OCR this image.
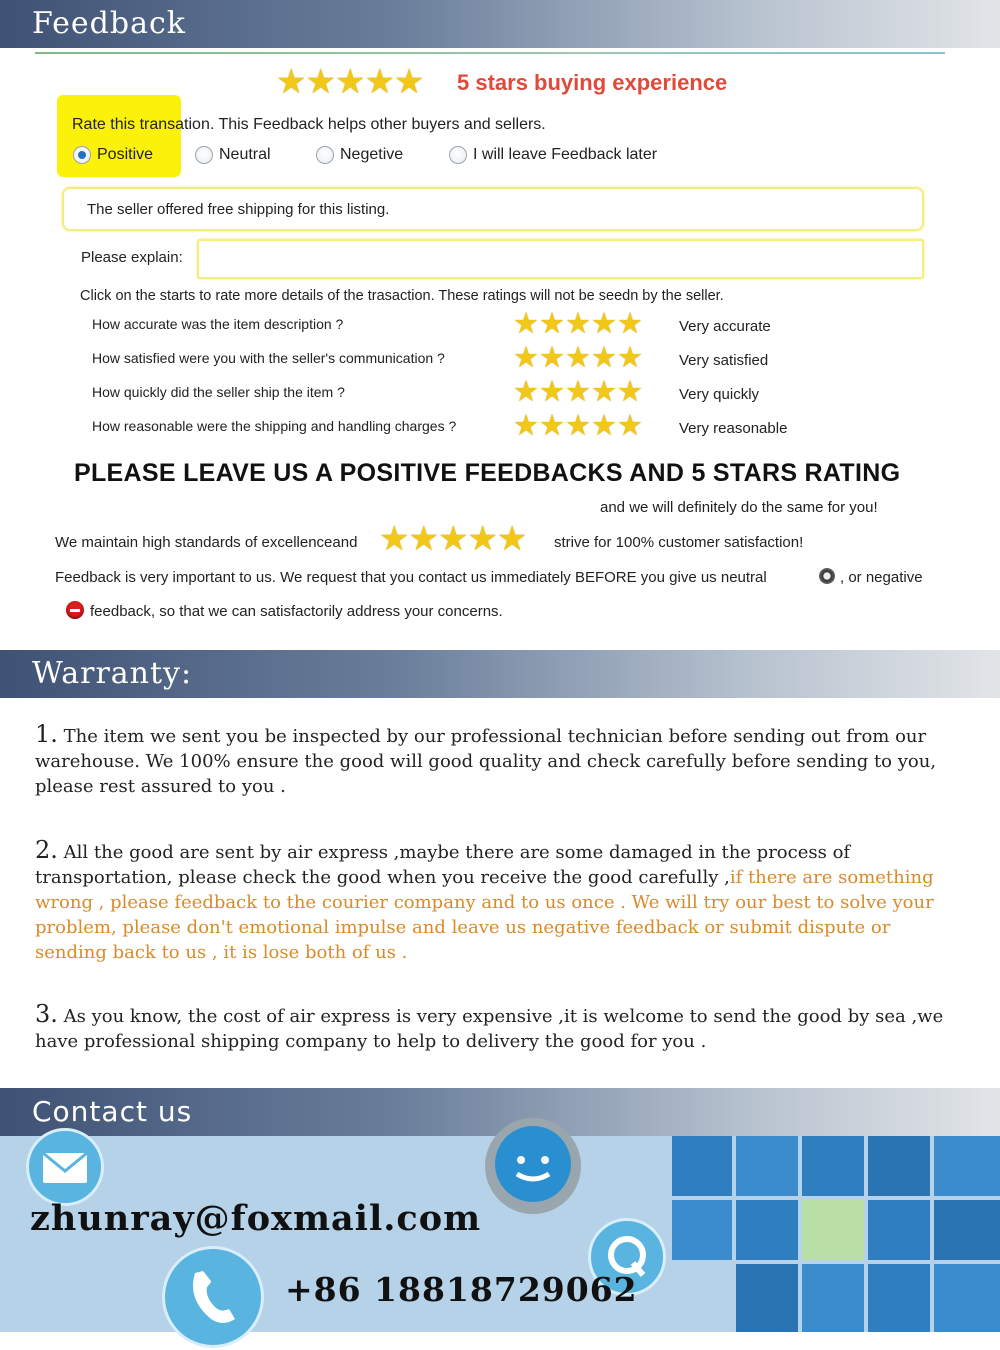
Feedback
★★★★★ 5 stars buying experience
Rate this transation. This Feedback helps other buyers and sellers.
Positive	Neutral	Negetive	I will leave Feedback later
The seller offered free shipping for this listing.
Please explain:
Click on the starts to rate more details of the trasaction. These ratings will not be seedn by the seller.
How accurate was the item description ?	★★★★★ Very accurate
How satisfied were you with the seller's communication ? ★★★★★ Very satisfied
How quickly did the seller ship the item ?	★★★★★ Very quickly
How reasonable were the shipping and handling charges ? ★★★★★ Very reasonable
PLEASE LEAVE US A POSITIVE FEEDBACKS AND 5 STARS RATING
and we will definitely do the same for you!
We maintain high standards of excellenceand ★★★★★ strive for 100% customer satisfaction!
Feedback is very important to us. We request that you contact us immediately BEFORE you give us neutral	, or negative
feedback, so that we can satisfactorily address your concerns.
Warranty:
1. The item we sent you be inspected by our professional technician before sending out from our warehouse. We 100% ensure the good will good quality and check carefully before sending to you, please rest assured to you .
2. All the good are sent by air express ,maybe there are some damaged in the process of transportation, please check the good when you receive the good carefully ,if there are something wrong , please feedback to the courier company and to us once . We will try our best to solve your problem, please don't emotional impulse and leave us negative feedback or submit dispute or sending back to us , it is lose both of us .
3. As you know, the cost of air express is very expensive ,it is welcome to send the good by sea ,we have professional shipping company to help to delivery the good for you .
Contact us
zhunray@foxmail.com
+86 18818729062
